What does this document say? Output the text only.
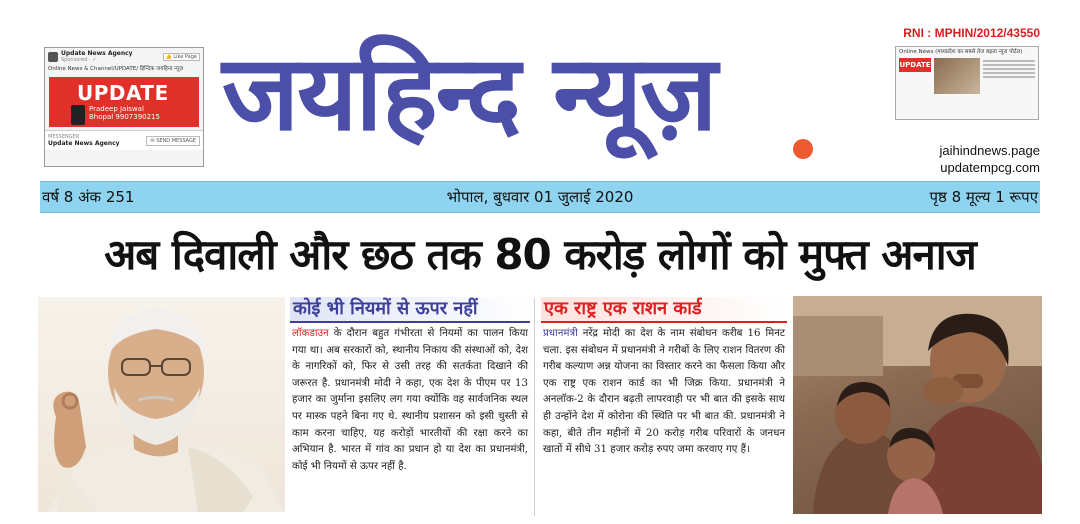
Update News Agency
Sponsored · ✓
👍 Like Page
Online News & Channel/UPDATE/ हिन्दिक जयहिन्द न्यूज़
UPDATE
Pradeep Jaiswal
Bhopal 9907390215
MESSENGER
Update News Agency	✉ SEND MESSAGE जयहिन्द न्यूज़	RNI : MPHIN/2012/43550
Online News (मध्यप्रदेश का सबसे तेज बढ़ता न्यूज पोर्टल)
UPDATE
jaihindnews.page
updatempcg.com
वर्ष 8 अंक 251	भोपाल, बुधवार 01 जुलाई 2020	पृष्ठ 8 मूल्य 1 रूपए
अब दिवाली और छठ तक 80 करोड़ लोगों को मुफ्त अनाज
कोई भी नियमों से ऊपर नहीं
लॉकडाउन के दौरान बहुत गंभीरता से नियमों का पालन किया गया था। अब सरकारों को, स्थानीय निकाय की संस्थाओं को, देश के नागरिकों को, फिर से उसी तरह की सतर्कता दिखाने की जरूरत है. प्रधानमंत्री मोदी ने कहा, एक देश के पीएम पर 13 हजार का जुर्माना इसलिए लग गया क्योंकि वह सार्वजनिक स्थल पर मास्क पहने बिना गए थे. स्थानीय प्रशासन को इसी चुस्ती से काम करना चाहिए, यह करोड़ों भारतीयों की रक्षा करने का अभियान है. भारत में गांव का प्रधान हो या देश का प्रधानमंत्री, कोई भी नियमों से ऊपर नहीं है.
एक राष्ट्र एक राशन कार्ड
प्रधानमंत्री नरेंद्र मोदी का देश के नाम संबोधन करीब 16 मिनट चला. इस संबोधन में प्रधानमंत्री ने गरीबों के लिए राशन वितरण की गरीब कल्याण अन्न योजना का विस्तार करने का फैसला किया और एक राष्ट्र एक राशन कार्ड का भी जिक्र किया. प्रधानमंत्री ने अनलॉक-2 के दौरान बढ़ती लापरवाही पर भी बात की इसके साथ ही उन्होंने देश में कोरोना की स्थिति पर भी बात की. प्रधानमंत्री ने कहा, बीते तीन महीनों में 20 करोड़ गरीब परिवारों के जनधन खातों में सीधे 31 हजार करोड़ रुपए जमा करवाए गए हैं।
